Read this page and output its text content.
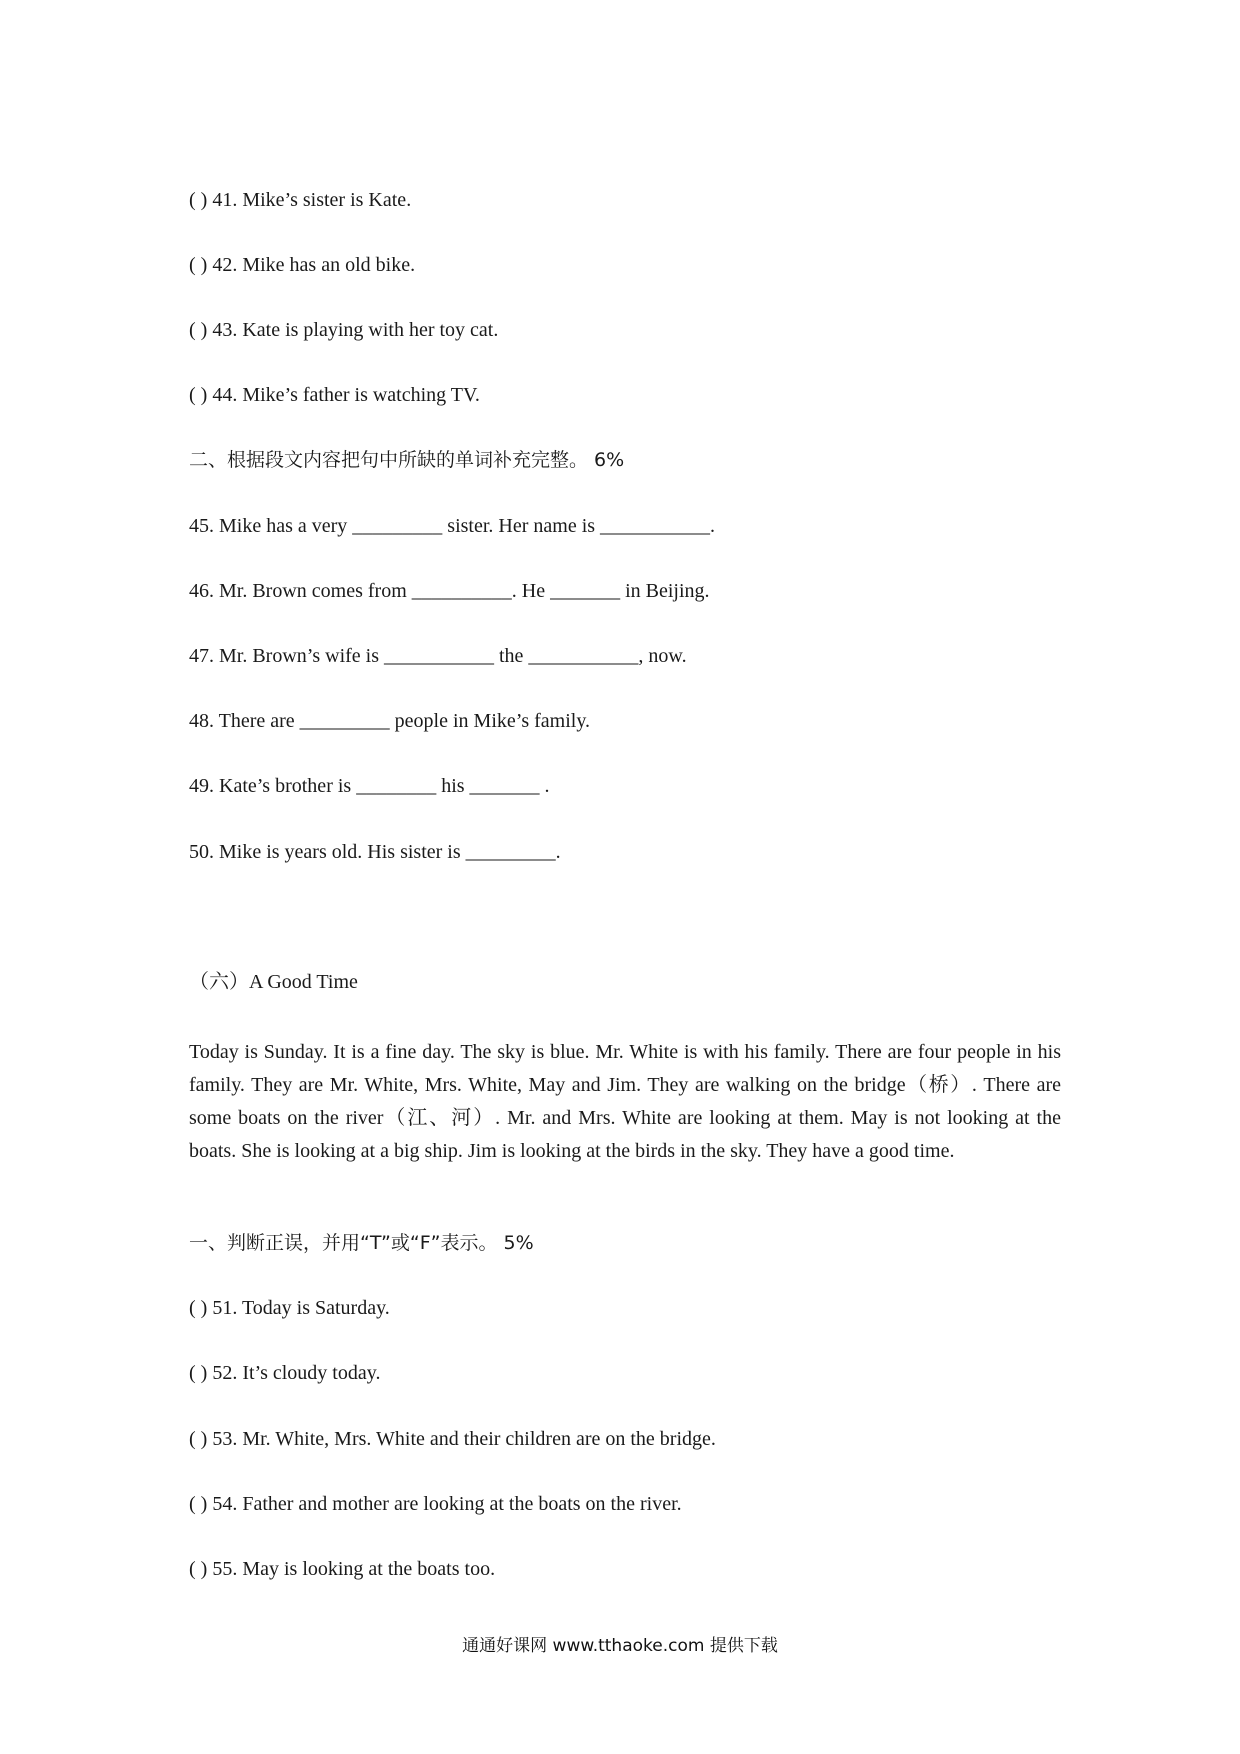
( ) 41. Mike’s sister is Kate.
( ) 42. Mike has an old bike.
( ) 43. Kate is playing with her toy cat.
( ) 44. Mike’s father is watching TV.
二、根据段文内容把句中所缺的单词补充完整。 6%
45. Mike has a very _________ sister. Her name is ___________.
46. Mr. Brown comes from __________. He _______ in Beijing.
47. Mr. Brown’s wife is ___________ the ___________, now.
48. There are _________ people in Mike’s family.
49. Kate’s brother is ________ his _______ .
50. Mike is years old. His sister is _________.
（六）A Good Time
Today is Sunday. It is a fine day. The sky is blue. Mr. White is with his family. There are four people in his family. They are Mr. White, Mrs. White, May and Jim. They are walking on the bridge（桥）. There are some boats on the river（江、河）. Mr. and Mrs. White are looking at them. May is not looking at the boats. She is looking at a big ship. Jim is looking at the birds in the sky. They have a good time.
一、判断正误，并用“T”或“F”表示。 5%
( ) 51. Today is Saturday.
( ) 52. It’s cloudy today.
( ) 53. Mr. White, Mrs. White and their children are on the bridge.
( ) 54. Father and mother are looking at the boats on the river.
( ) 55. May is looking at the boats too.
通通好课网 www.tthaoke.com 提供下载
